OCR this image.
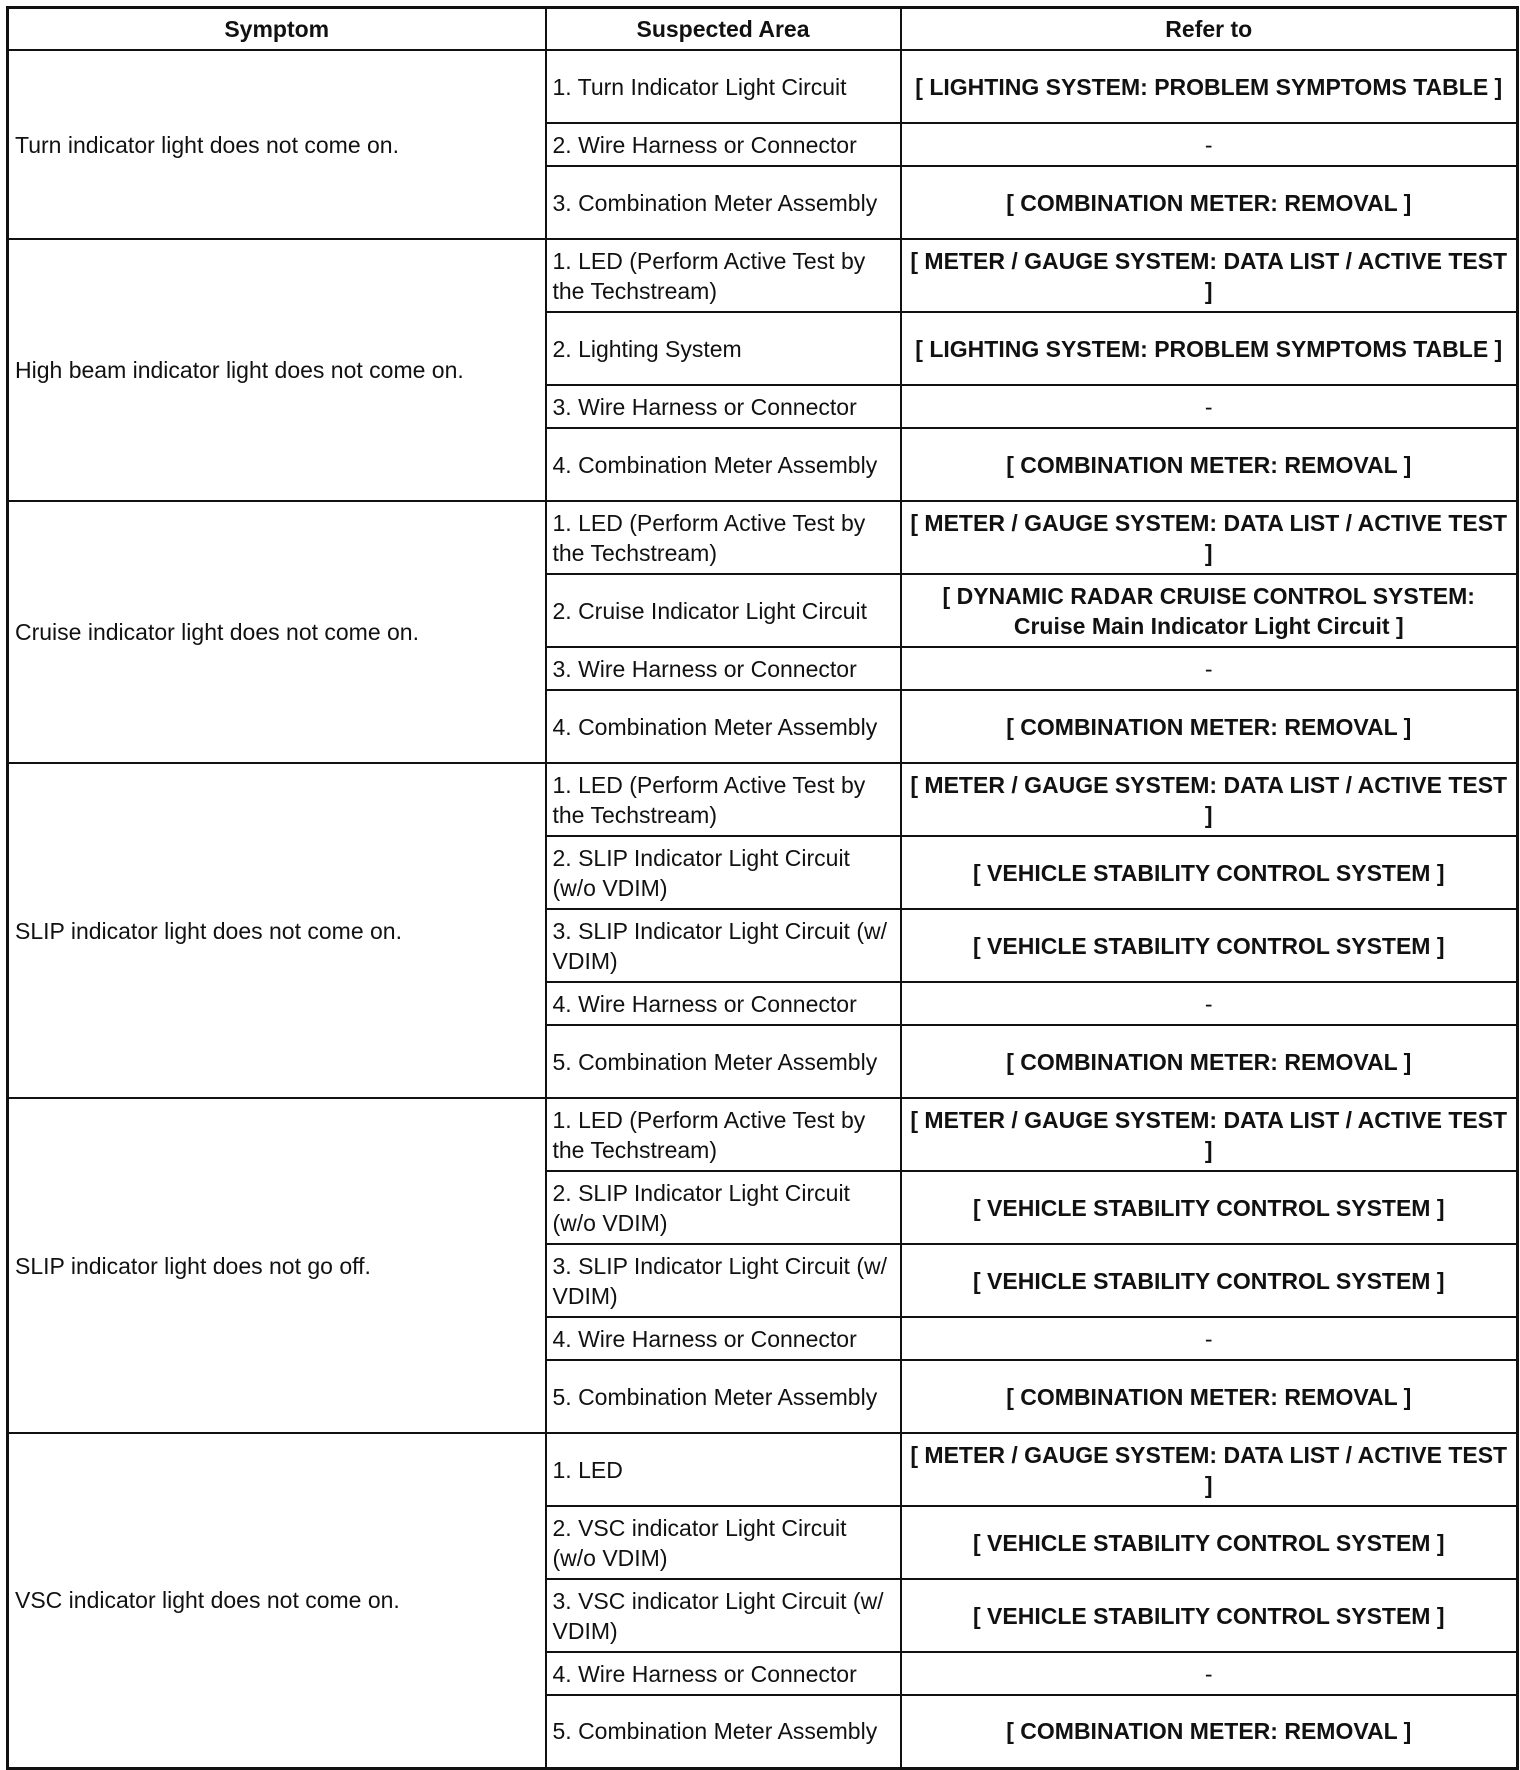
Symptom	Suspected Area	Refer to
Turn indicator light does not come on.	1. Turn Indicator Light Circuit	[ LIGHTING SYSTEM: PROBLEM SYMPTOMS TABLE ]
	2. Wire Harness or Connector	-
	3. Combination Meter Assembly	[ COMBINATION METER: REMOVAL ]
High beam indicator light does not come on.	1. LED (Perform Active Test by the Techstream)	[ METER / GAUGE SYSTEM: DATA LIST / ACTIVE TEST ]
	2. Lighting System	[ LIGHTING SYSTEM: PROBLEM SYMPTOMS TABLE ]
	3. Wire Harness or Connector	-
	4. Combination Meter Assembly	[ COMBINATION METER: REMOVAL ]
Cruise indicator light does not come on.	1. LED (Perform Active Test by the Techstream)	[ METER / GAUGE SYSTEM: DATA LIST / ACTIVE TEST ]
	2. Cruise Indicator Light Circuit	[ DYNAMIC RADAR CRUISE CONTROL SYSTEM: Cruise Main Indicator Light Circuit ]
	3. Wire Harness or Connector	-
	4. Combination Meter Assembly	[ COMBINATION METER: REMOVAL ]
SLIP indicator light does not come on.	1. LED (Perform Active Test by the Techstream)	[ METER / GAUGE SYSTEM: DATA LIST / ACTIVE TEST ]
	2. SLIP Indicator Light Circuit (w/o VDIM)	[ VEHICLE STABILITY CONTROL SYSTEM ]
	3. SLIP Indicator Light Circuit (w/ VDIM)	[ VEHICLE STABILITY CONTROL SYSTEM ]
	4. Wire Harness or Connector	-
	5. Combination Meter Assembly	[ COMBINATION METER: REMOVAL ]
SLIP indicator light does not go off.	1. LED (Perform Active Test by the Techstream)	[ METER / GAUGE SYSTEM: DATA LIST / ACTIVE TEST ]
	2. SLIP Indicator Light Circuit (w/o VDIM)	[ VEHICLE STABILITY CONTROL SYSTEM ]
	3. SLIP Indicator Light Circuit (w/ VDIM)	[ VEHICLE STABILITY CONTROL SYSTEM ]
	4. Wire Harness or Connector	-
	5. Combination Meter Assembly	[ COMBINATION METER: REMOVAL ]
VSC indicator light does not come on.	1. LED	[ METER / GAUGE SYSTEM: DATA LIST / ACTIVE TEST ]
	2. VSC indicator Light Circuit (w/o VDIM)	[ VEHICLE STABILITY CONTROL SYSTEM ]
	3. VSC indicator Light Circuit (w/ VDIM)	[ VEHICLE STABILITY CONTROL SYSTEM ]
	4. Wire Harness or Connector	-
	5. Combination Meter Assembly	[ COMBINATION METER: REMOVAL ]
